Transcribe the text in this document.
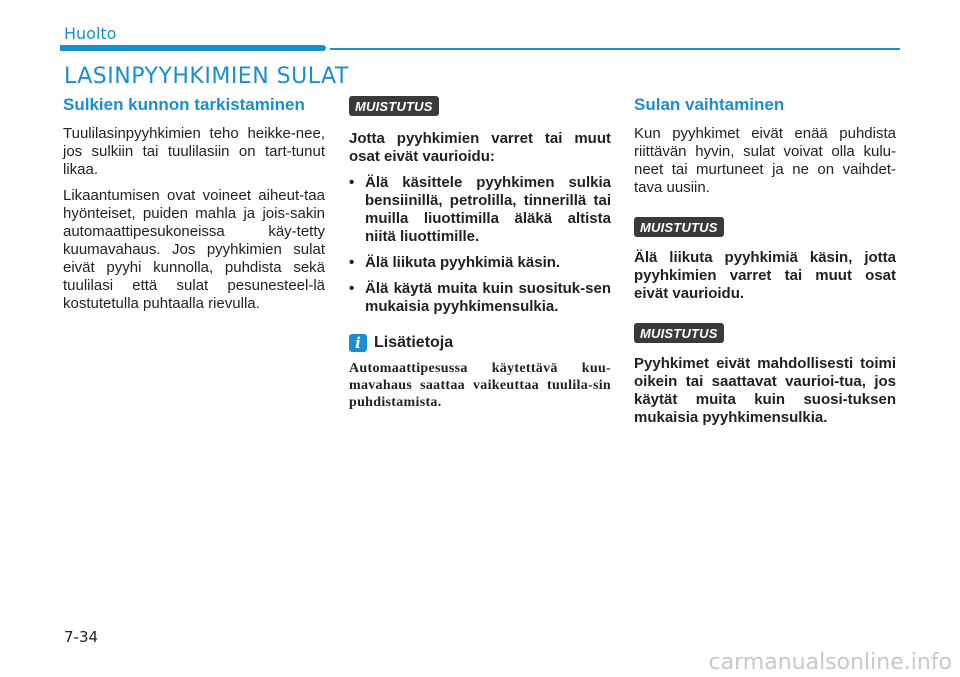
Huolto
LASINPYYHKIMIEN SULAT
Sulkien kunnon tarkistaminen

Tuulilasinpyyhkimien teho heikke-nee, jos sulkiin tai tuulilasiin on tart-tunut likaa.

Likaantumisen ovat voineet aiheut-taa hyönteiset, puiden mahla ja jois-sakin automaattipesukoneissa käy-tetty kuumavahaus. Jos pyyhkimien sulat eivät pyyhi kunnolla, puhdista sekä tuulilasi että sulat pesunesteel-lä kostutetulla puhtaalla rievulla.

MUISTUTUS

Jotta pyyhkimien varret tai muut osat eivät vaurioidu:

• Älä käsittele pyyhkimen sulkia bensiinillä, petrolilla, tinnerillä tai muilla liuottimilla äläkä altista niitä liuottimille.
• Älä liikuta pyyhkimiä käsin.
• Älä käytä muita kuin suosituk-sen mukaisia pyyhkimensulkia.
i Lisätietoja

Automaattipesussa käytettävä kuu-mavahaus saattaa vaikeuttaa tuulila-sin puhdistamista.

Sulan vaihtaminen

Kun pyyhkimet eivät enää puhdista riittävän hyvin, sulat voivat olla kulu-neet tai murtuneet ja ne on vaihdet-tava uusiin.

MUISTUTUS

Älä liikuta pyyhkimiä käsin, jotta pyyhkimien varret tai muut osat eivät vaurioidu.

MUISTUTUS

Pyyhkimet eivät mahdollisesti toimi oikein tai saattavat vaurioi-tua, jos käytät muita kuin suosi-tuksen mukaisia pyyhkimensulkia.

7-34
carmanualsonline.info
